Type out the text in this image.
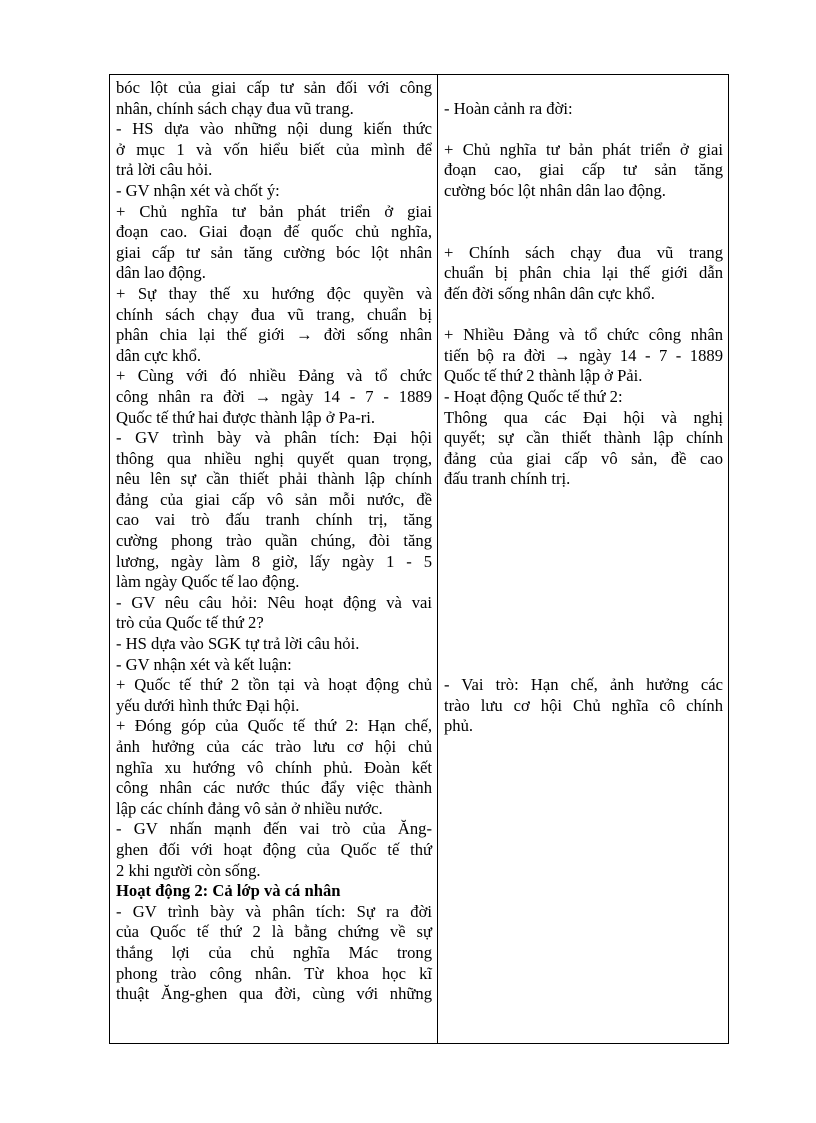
bóc lột của giai cấp tư sản đối với công
nhân, chính sách chạy đua vũ trang.
- HS dựa vào những nội dung kiến thức
ở mục 1 và vốn hiểu biết của mình để
trả lời câu hỏi.
- GV nhận xét và chốt ý:
+ Chủ nghĩa tư bản phát triển ở giai
đoạn cao. Giai đoạn đế quốc chủ nghĩa,
giai cấp tư sản tăng cường bóc lột nhân
dân lao động.
+ Sự thay thế xu hướng độc quyền và
chính sách chạy đua vũ trang, chuẩn bị
phân chia lại thế giới → đời sống nhân
dân cực khổ.
+ Cùng với đó nhiều Đảng và tổ chức
công nhân ra đời → ngày 14 - 7 - 1889
Quốc tế thứ hai được thành lập ở Pa-ri.
- GV trình bày và phân tích: Đại hội
thông qua nhiều nghị quyết quan trọng,
nêu lên sự cần thiết phải thành lập chính
đảng của giai cấp vô sản mỗi nước, đề
cao vai trò đấu tranh chính trị, tăng
cường phong trào quần chúng, đòi tăng
lương, ngày làm 8 giờ, lấy ngày 1 - 5
làm ngày Quốc tế lao động.
- GV nêu câu hỏi: Nêu hoạt động và vai
trò của Quốc tế thứ 2?
- HS dựa vào SGK tự trả lời câu hỏi.
- GV nhận xét và kết luận:
+ Quốc tế thứ 2 tồn tại và hoạt động chủ
yếu dưới hình thức Đại hội.
+ Đóng góp của Quốc tế thứ 2: Hạn chế,
ảnh hưởng của các trào lưu cơ hội chủ
nghĩa xu hướng vô chính phủ. Đoàn kết
công nhân các nước thúc đẩy việc thành
lập các chính đảng vô sản ở nhiều nước.
- GV nhấn mạnh đến vai trò của Ăng-
ghen đối với hoạt động của Quốc tế thứ
2 khi người còn sống.
Hoạt động 2: Cả lớp và cá nhân
- GV trình bày và phân tích: Sự ra đời
của Quốc tế thứ 2 là bằng chứng về sự
thắng lợi của chủ nghĩa Mác trong
phong trào công nhân. Từ khoa học kĩ
thuật Ăng-ghen qua đời, cùng với những

- Hoàn cảnh ra đời:

+ Chủ nghĩa tư bản phát triển ở giai
đoạn cao, giai cấp tư sản tăng
cường bóc lột nhân dân lao động.

+ Chính sách chạy đua vũ trang
chuẩn bị phân chia lại thế giới dẫn
đến đời sống nhân dân cực khổ.

+ Nhiều Đảng và tổ chức công nhân
tiến bộ ra đời → ngày 14 - 7 - 1889
Quốc tế thứ 2 thành lập ở Pải.
- Hoạt động Quốc tế thứ 2:
Thông qua các Đại hội và nghị
quyết; sự cần thiết thành lập chính
đảng của giai cấp vô sản, đề cao
đấu tranh chính trị.

- Vai trò: Hạn chế, ảnh hưởng các
trào lưu cơ hội Chủ nghĩa cô chính
phủ.
